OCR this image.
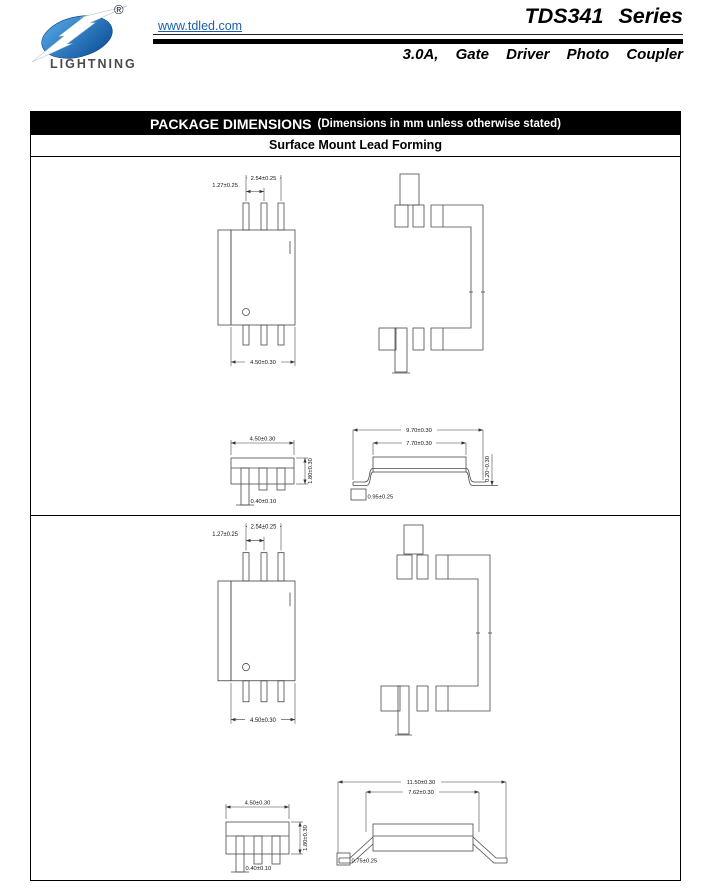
®
LIGHTNING
www.tdled.com	TDS341 Series
3.0A, Gate Driver Photo Coupler
PACKAGE DIMENSIONS (Dimensions in mm unless otherwise stated)
Surface Mount Lead Forming
2.54±0.25
1.27±0.25
4.50±0.30
4.50±0.30
0.40±0.10
1.80±0.30
9.70±0.30
7.70±0.30
0.95±0.25
0.20~0.30
2.54±0.25
1.27±0.25
4.50±0.30
4.50±0.30
0.40±0.10
1.80±0.30
11.50±0.30
7.62±0.30
0.75±0.25
